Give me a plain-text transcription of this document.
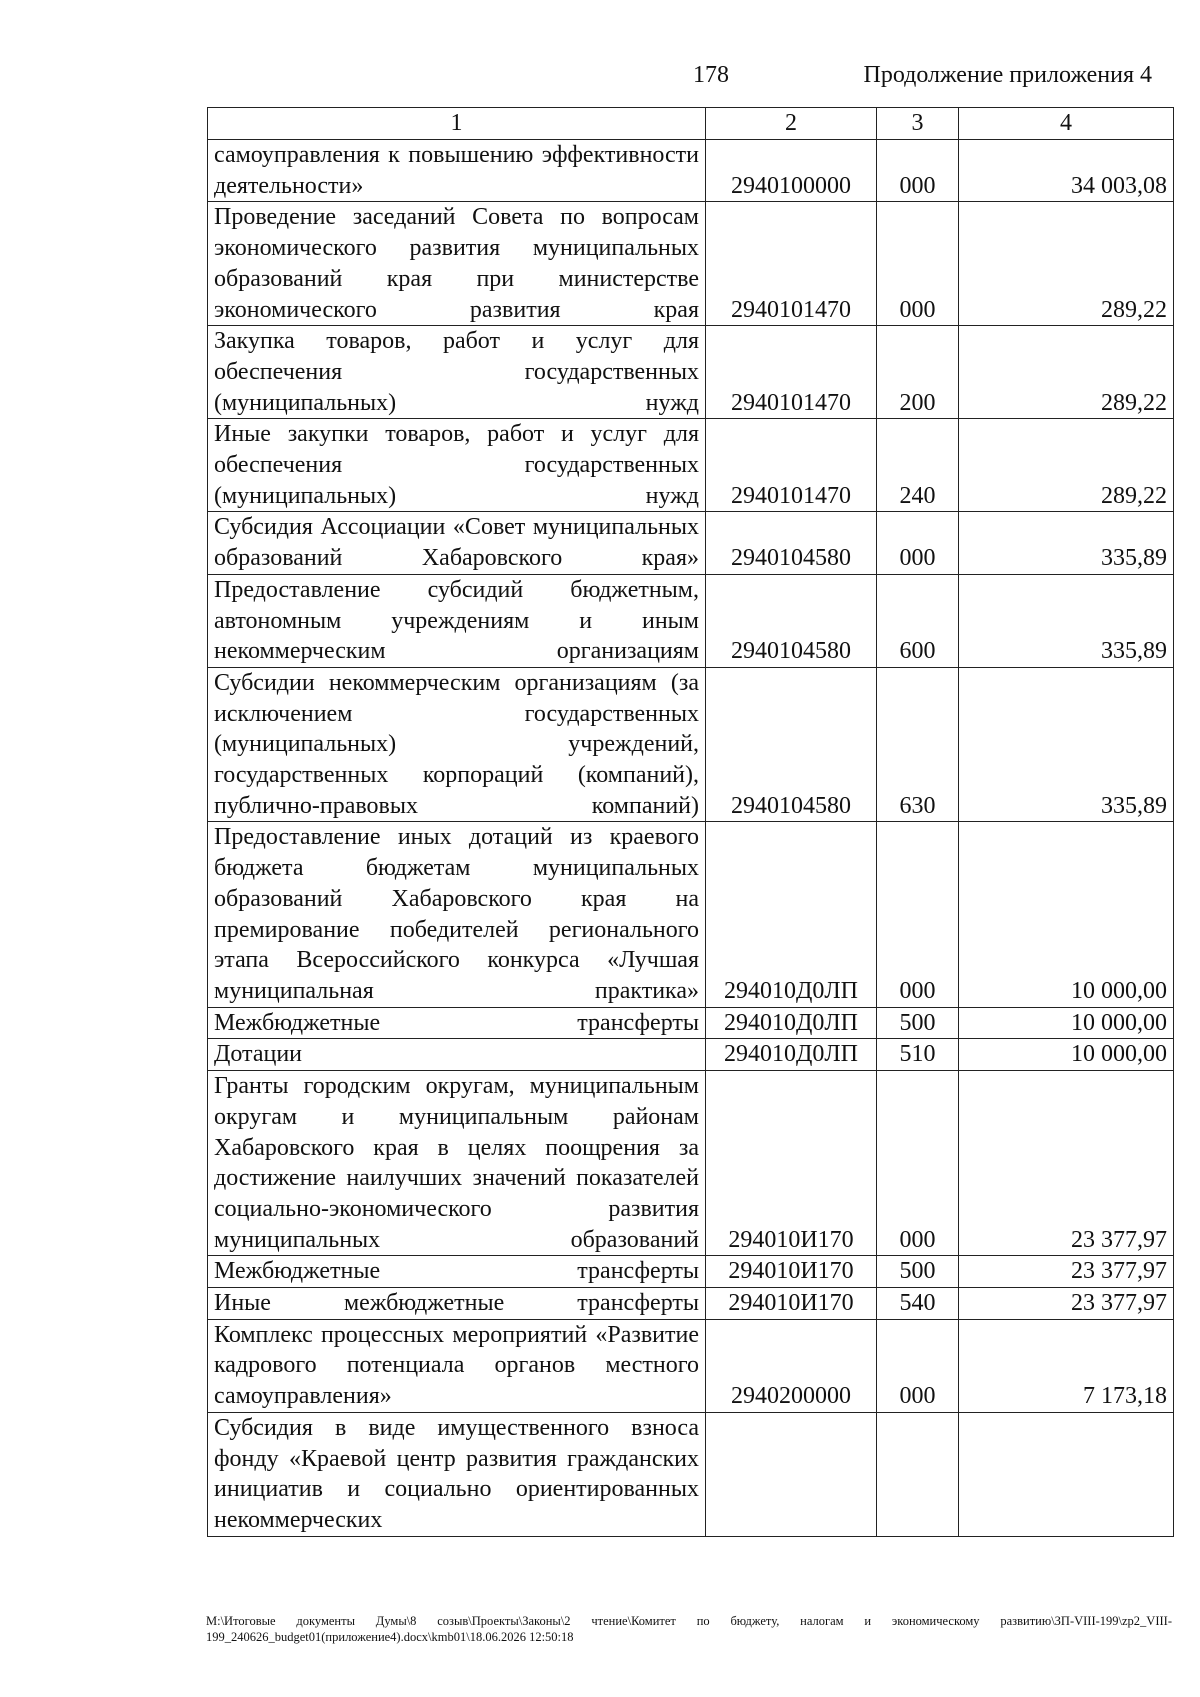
178	Продолжение приложения 4
1	2	3	4
самоуправления к повышению эффективности деятельности»	2940100000	000	34 003,08
Проведение заседаний Совета по вопросам экономического развития муниципальных образований края при министерстве экономического развития края	2940101470	000	289,22
Закупка товаров, работ и услуг для обеспечения государственных (муниципальных) нужд	2940101470	200	289,22
Иные закупки товаров, работ и услуг для обеспечения государственных (муниципальных) нужд	2940101470	240	289,22
Субсидия Ассоциации «Совет муниципальных образований Хабаровского края»	2940104580	000	335,89
Предоставление субсидий бюджетным, автономным учреждениям и иным некоммерческим организациям	2940104580	600	335,89
Субсидии некоммерческим организациям (за исключением государственных (муниципальных) учреждений, государственных корпораций (компаний), публично-правовых компаний)	2940104580	630	335,89
Предоставление иных дотаций из краевого бюджета бюджетам муниципальных образований Хабаровского края на премирование победителей регионального этапа Всероссийского конкурса «Лучшая муниципальная практика»	294010Д0ЛП	000	10 000,00
Межбюджетные трансферты	294010Д0ЛП	500	10 000,00
Дотации	294010Д0ЛП	510	10 000,00
Гранты городским округам, муниципальным округам и муниципальным районам Хабаровского края в целях поощрения за достижение наилучших значений показателей социально-экономического развития муниципальных образований	294010И170	000	23 377,97
Межбюджетные трансферты	294010И170	500	23 377,97
Иные межбюджетные трансферты	294010И170	540	23 377,97
Комплекс процессных мероприятий «Развитие кадрового потенциала органов местного самоуправления»	2940200000	000	7 173,18
Субсидия в виде имущественного взноса фонду «Краевой центр развития гражданских инициатив и социально ориентированных некоммерческих			
M:\Итоговые документы Думы\8 созыв\Проекты\Законы\2 чтение\Комитет по бюджету, налогам и экономическому развитию\ЗП-VIII-199\zp2_VIII-199_240626_budget01(приложение4).docx\kmb01\18.06.2026 12:50:18
